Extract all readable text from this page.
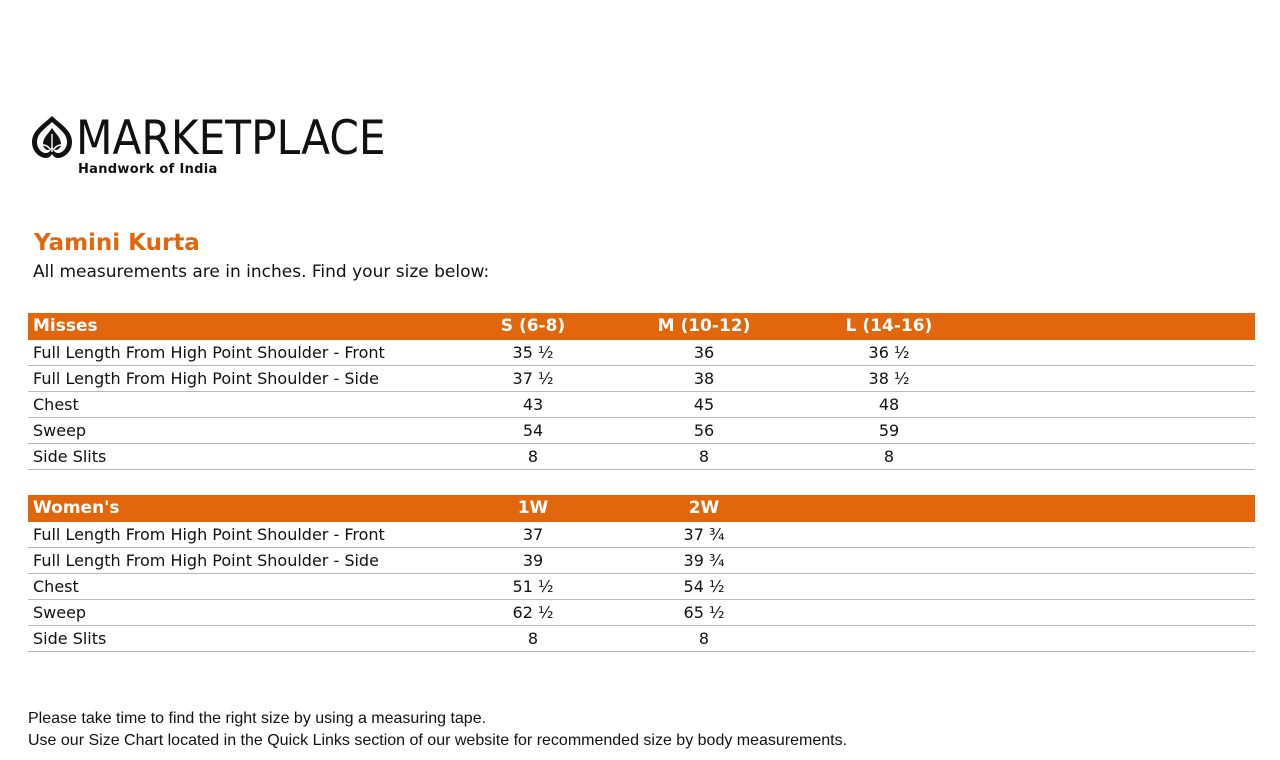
MARKETPLACE
Handwork of India
Yamini Kurta
All measurements are in inches. Find your size below:
Misses	S (6-8)	M (10-12)	L (14-16)
Full Length From High Point Shoulder - Front	35 ½	36	36 ½
Full Length From High Point Shoulder - Side	37 ½	38	38 ½
Chest	43	45	48
Sweep	54	56	59
Side Slits	8	8	8
Women's	1W	2W
Full Length From High Point Shoulder - Front	37	37 ¾
Full Length From High Point Shoulder - Side	39	39 ¾
Chest	51 ½	54 ½
Sweep	62 ½	65 ½
Side Slits	8	8
Please take time to find the right size by using a measuring tape.
Use our Size Chart located in the Quick Links section of our website for recommended size by body measurements.
